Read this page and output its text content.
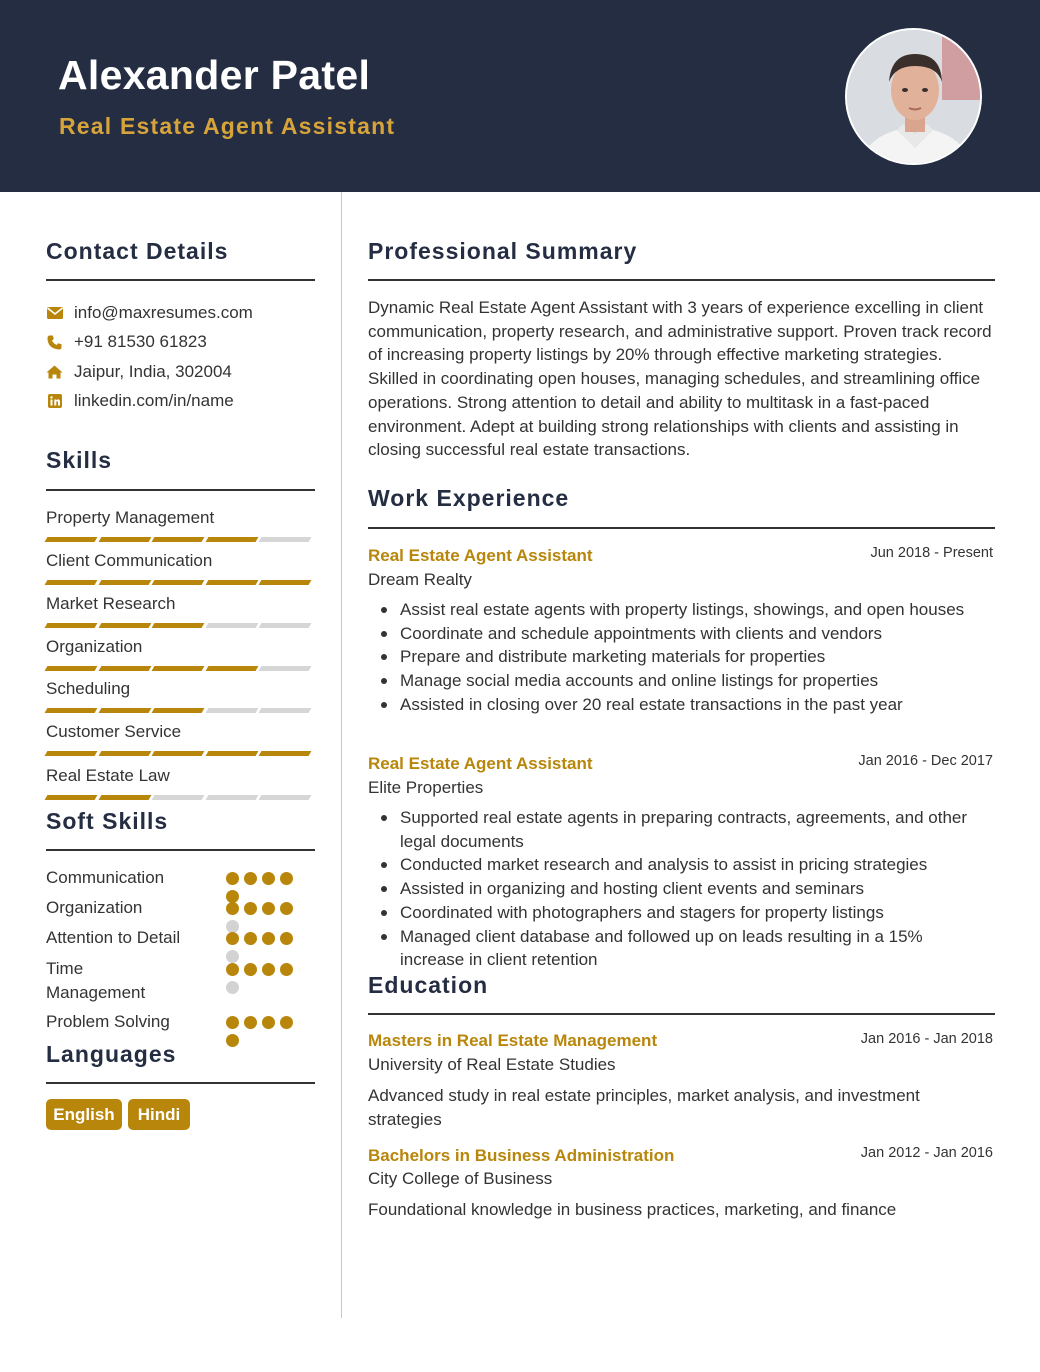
Alexander Patel
Real Estate Agent Assistant
Contact Details
info@maxresumes.com
+91 81530 61823
Jaipur, India, 302004
linkedin.com/in/name
Skills
Property Management
Client Communication
Market Research
Organization
Scheduling
Customer Service
Real Estate Law
Soft Skills
Communication
Organization
Attention to Detail
Time Management
Problem Solving
Languages
English	Hindi
Professional Summary
Dynamic Real Estate Agent Assistant with 3 years of experience excelling in client communication, property research, and administrative support. Proven track record of increasing property listings by 20% through effective marketing strategies. Skilled in coordinating open houses, managing schedules, and streamlining office operations. Strong attention to detail and ability to multitask in a fast-paced environment. Adept at building strong relationships with clients and assisting in closing successful real estate transactions.
Work Experience
Real Estate Agent Assistant	Jun 2018 - Present
Dream Realty
Assist real estate agents with property listings, showings, and open houses
Coordinate and schedule appointments with clients and vendors
Prepare and distribute marketing materials for properties
Manage social media accounts and online listings for properties
Assisted in closing over 20 real estate transactions in the past year
Real Estate Agent Assistant	Jan 2016 - Dec 2017
Elite Properties
Supported real estate agents in preparing contracts, agreements, and other legal documents
Conducted market research and analysis to assist in pricing strategies
Assisted in organizing and hosting client events and seminars
Coordinated with photographers and stagers for property listings
Managed client database and followed up on leads resulting in a 15% increase in client retention
Education
Masters in Real Estate Management	Jan 2016 - Jan 2018
University of Real Estate Studies
Advanced study in real estate principles, market analysis, and investment strategies
Bachelors in Business Administration	Jan 2012 - Jan 2016
City College of Business
Foundational knowledge in business practices, marketing, and finance
